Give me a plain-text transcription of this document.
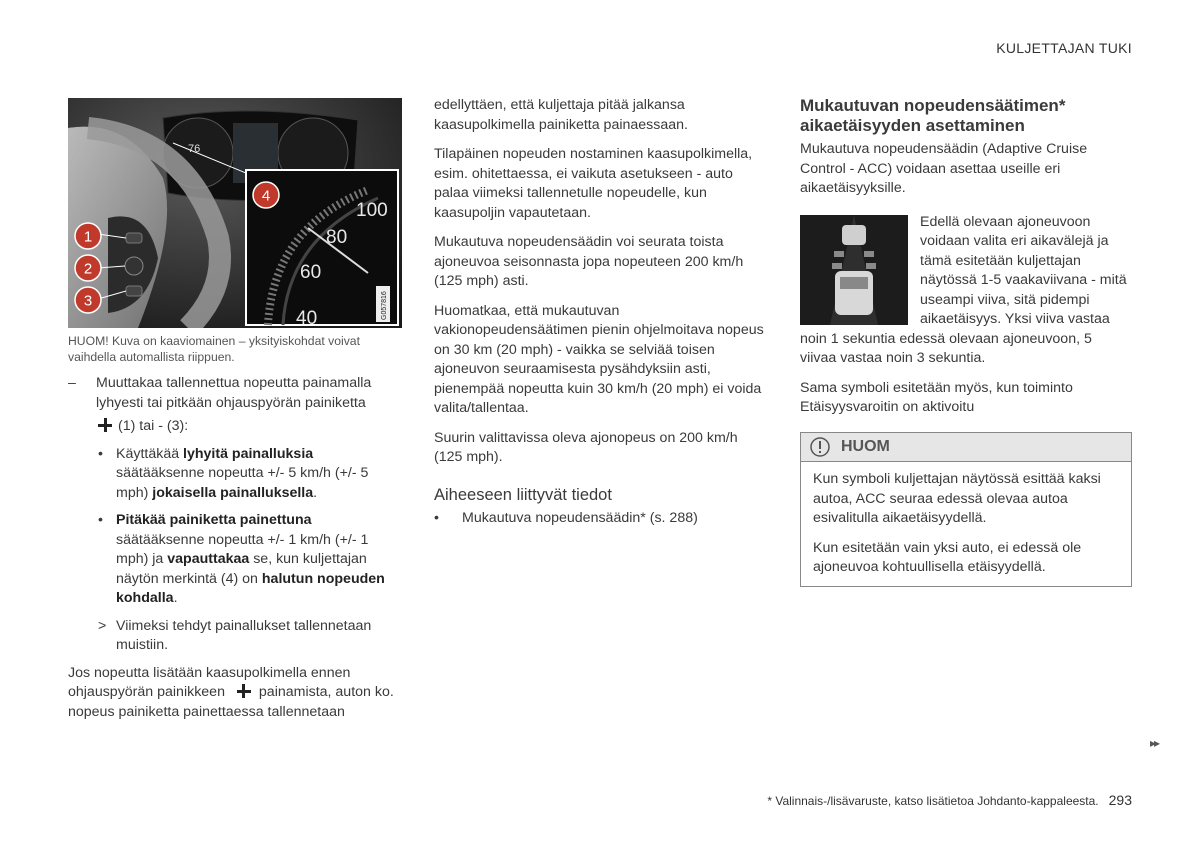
KULJETTAJAN TUKI
76
100
80
60
40	G057816
1
2
3
4
HUOM! Kuva on kaaviomainen – yksityiskohdat voivat vaihdella automallista riippuen.
–	Muuttakaa tallennettua nopeutta painamalla lyhyesti tai pitkään ohjauspyörän painiketta
(1) tai - (3):
• Käyttäkää lyhyitä painalluksia säätääksenne nopeutta +/- 5 km/h (+/- 5 mph) jokaisella painalluksella.
• Pitäkää painiketta painettuna säätääksenne nopeutta +/- 1 km/h (+/- 1 mph) ja vapauttakaa se, kun kuljettajan näytön merkintä (4) on halutun nopeuden kohdalla.
> Viimeksi tehdyt painallukset tallennetaan muistiin.

Jos nopeutta lisätään kaasupolkimella ennen ohjauspyörän painikkeen painamista, auton ko. nopeus painiketta painettaessa tallennetaan

edellyttäen, että kuljettaja pitää jalkansa kaasupolkimella painiketta painaessaan.

Tilapäinen nopeuden nostaminen kaasupolkimella, esim. ohitettaessa, ei vaikuta asetukseen - auto palaa viimeksi tallennetulle nopeudelle, kun kaasupoljin vapautetaan.

Mukautuva nopeudensäädin voi seurata toista ajoneuvoa seisonnasta jopa nopeuteen 200 km/h (125 mph) asti.

Huomatkaa, että mukautuvan vakionopeudensäätimen pienin ohjelmoitava nopeus on 30 km (20 mph) - vaikka se selviää toisen ajoneuvon seuraamisesta pysähdyksiin asti, pienempää nopeutta kuin 30 km/h (20 mph) ei voida valita/tallentaa.

Suurin valittavissa oleva ajonopeus on 200 km/h (125 mph).

Aiheeseen liittyvät tiedot
•	Mukautuva nopeudensäädin* (s. 288)
Mukautuvan nopeudensäätimen* aikaetäisyyden asettaminen

Mukautuva nopeudensäädin (Adaptive Cruise Control - ACC) voidaan asettaa useille eri aikaetäisyyksille.

Edellä olevaan ajoneuvoon voidaan valita eri aikavälejä ja tämä esitetään kuljettajan näytössä 1-5 vaakaviivana - mitä useampi viiva, sitä pidempi aikaetäisyys. Yksi viiva vastaa noin 1 sekuntia edessä olevaan ajoneuvoon, 5 viivaa vastaa noin 3 sekuntia.

Sama symboli esitetään myös, kun toiminto Etäisyysvaroitin on aktivoitu

HUOM

Kun symboli kuljettajan näytössä esittää kaksi autoa, ACC seuraa edessä olevaa autoa esivalitulla aikaetäisyydellä.

Kun esitetään vain yksi auto, ei edessä ole ajoneuvoa kohtuullisella etäisyydellä.

▸▸
* Valinnais-/lisävaruste, katso lisätietoa Johdanto-kappaleesta. 293
